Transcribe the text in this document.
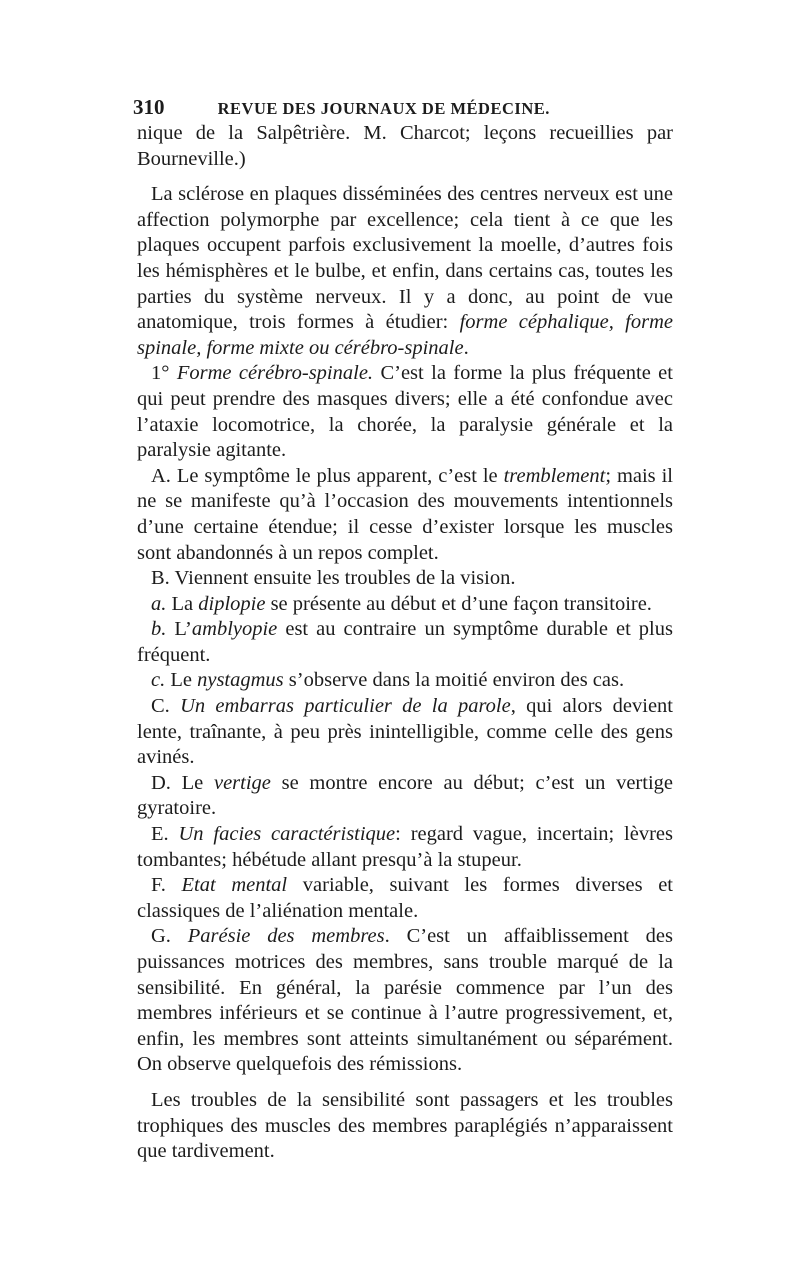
310	REVUE DES JOURNAUX DE MÉDECINE.

nique de la Salpêtrière. M. Charcot; leçons recueillies par Bourneville.)

La sclérose en plaques disséminées des centres nerveux est une affection polymorphe par excellence; cela tient à ce que les plaques occupent parfois exclusivement la moelle, d’autres fois les hémisphères et le bulbe, et enfin, dans certains cas, toutes les parties du système nerveux. Il y a donc, au point de vue anatomique, trois formes à étudier: forme céphalique, forme spinale, forme mixte ou cérébro-spinale.

1° Forme cérébro-spinale. C’est la forme la plus fréquente et qui peut prendre des masques divers; elle a été confondue avec l’ataxie locomotrice, la chorée, la paralysie générale et la paralysie agitante.

A. Le symptôme le plus apparent, c’est le tremblement; mais il ne se manifeste qu’à l’occasion des mouvements intentionnels d’une certaine étendue; il cesse d’exister lorsque les muscles sont abandonnés à un repos complet.

B. Viennent ensuite les troubles de la vision.

a. La diplopie se présente au début et d’une façon transitoire.

b. L’amblyopie est au contraire un symptôme durable et plus fréquent.

c. Le nystagmus s’observe dans la moitié environ des cas.

C. Un embarras particulier de la parole, qui alors devient lente, traînante, à peu près inintelligible, comme celle des gens avinés.

D. Le vertige se montre encore au début; c’est un vertige gyratoire.

E. Un facies caractéristique: regard vague, incertain; lèvres tombantes; hébétude allant presqu’à la stupeur.

F. Etat mental variable, suivant les formes diverses et classiques de l’aliénation mentale.

G. Parésie des membres. C’est un affaiblissement des puissances motrices des membres, sans trouble marqué de la sensibilité. En général, la parésie commence par l’un des membres inférieurs et se continue à l’autre progressivement, et, enfin, les membres sont atteints simultanément ou séparément. On observe quelquefois des rémissions.

Les troubles de la sensibilité sont passagers et les troubles trophiques des muscles des membres paraplégiés n’apparaissent que tardivement.
